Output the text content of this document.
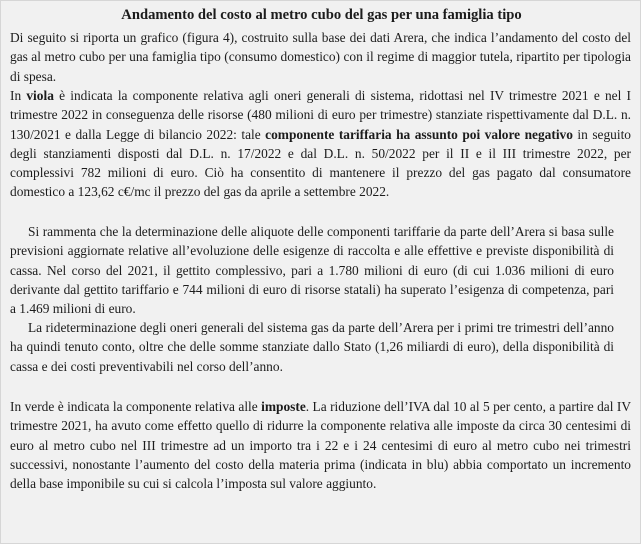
Andamento del costo al metro cubo del gas per una famiglia tipo

Di seguito si riporta un grafico (figura 4), costruito sulla base dei dati Arera, che indica l’andamento del costo del gas al metro cubo per una famiglia tipo (consumo domestico) con il regime di maggior tutela, ripartito per tipologia di spesa.

In viola è indicata la componente relativa agli oneri generali di sistema, ridottasi nel IV trimestre 2021 e nel I trimestre 2022 in conseguenza delle risorse (480 milioni di euro per trimestre) stanziate rispettivamente dal D.L. n. 130/2021 e dalla Legge di bilancio 2022: tale componente tariffaria ha assunto poi valore negativo in seguito degli stanziamenti disposti dal D.L. n. 17/2022 e dal D.L. n. 50/2022 per il II e il III trimestre 2022, per complessivi 782 milioni di euro. Ciò ha consentito di mantenere il prezzo del gas pagato dal consumatore domestico a 123,62 c€/mc il prezzo del gas da aprile a settembre 2022.

Si rammenta che la determinazione delle aliquote delle componenti tariffarie da parte dell’Arera si basa sulle previsioni aggiornate relative all’evoluzione delle esigenze di raccolta e alle effettive e previste disponibilità di cassa. Nel corso del 2021, il gettito complessivo, pari a 1.780 milioni di euro (di cui 1.036 milioni di euro derivante dal gettito tariffario e 744 milioni di euro di risorse statali) ha superato l’esigenza di competenza, pari a 1.469 milioni di euro.

La rideterminazione degli oneri generali del sistema gas da parte dell’Arera per i primi tre trimestri dell’anno ha quindi tenuto conto, oltre che delle somme stanziate dallo Stato (1,26 miliardi di euro), della disponibilità di cassa e dei costi preventivabili nel corso dell’anno.

In verde è indicata la componente relativa alle imposte. La riduzione dell’IVA dal 10 al 5 per cento, a partire dal IV trimestre 2021, ha avuto come effetto quello di ridurre la componente relativa alle imposte da circa 30 centesimi di euro al metro cubo nel III trimestre ad un importo tra i 22 e i 24 centesimi di euro al metro cubo nei trimestri successivi, nonostante l’aumento del costo della materia prima (indicata in blu) abbia comportato un incremento della base imponibile su cui si calcola l’imposta sul valore aggiunto.
